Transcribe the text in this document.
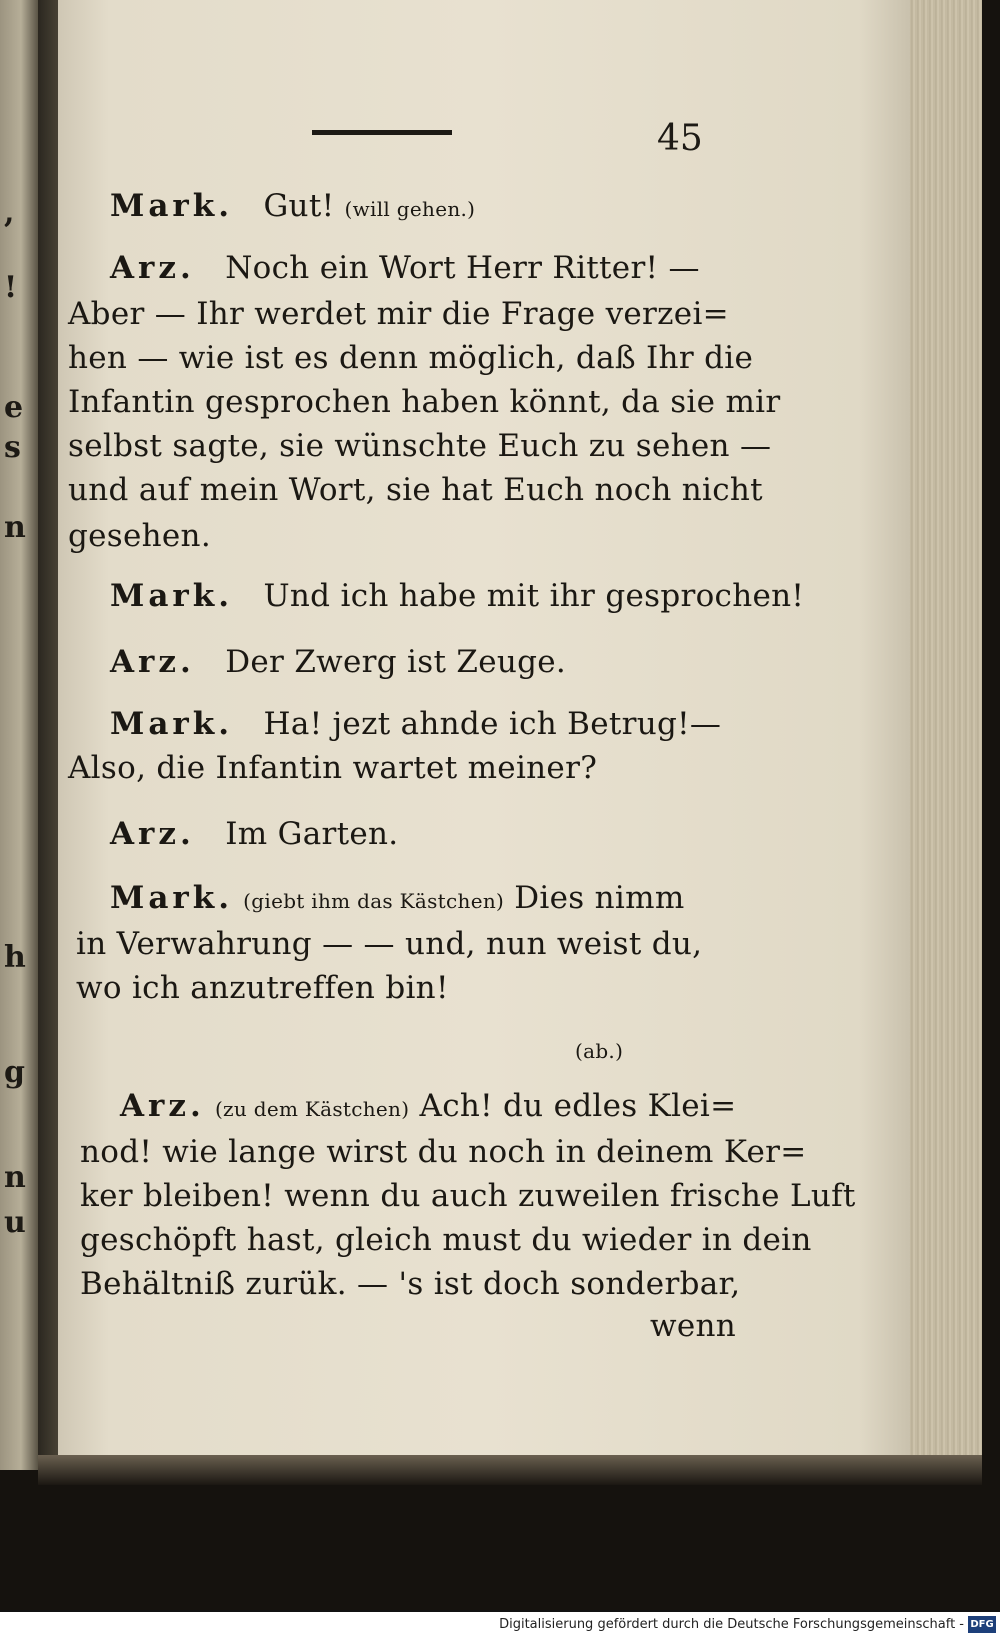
,
!
e
s
n
h
g
n
u
45
Mark. Gut! (will gehen.)
Arz. Noch ein Wort Herr Ritter! —
Aber — Ihr werdet mir die Frage verzei=
hen — wie ist es denn möglich, daß Ihr die
Infantin gesprochen haben könnt, da sie mir
selbst sagte, sie wünschte Euch zu sehen —
und auf mein Wort, sie hat Euch noch nicht
gesehen.
Mark. Und ich habe mit ihr gesprochen!
Arz. Der Zwerg ist Zeuge.
Mark. Ha! jezt ahnde ich Betrug!—
Also, die Infantin wartet meiner?
Arz. Im Garten.
Mark. (giebt ihm das Kästchen) Dies nimm
in Verwahrung — — und, nun weist du,
wo ich anzutreffen bin!
(ab.)
Arz. (zu dem Kästchen) Ach! du edles Klei=
nod! wie lange wirst du noch in deinem Ker=
ker bleiben! wenn du auch zuweilen frische Luft
geschöpft hast, gleich must du wieder in dein
Behältniß zurük. — 's ist doch sonderbar,
wenn
Digitalisierung gefördert durch die Deutsche Forschungsgemeinschaft - DFG
